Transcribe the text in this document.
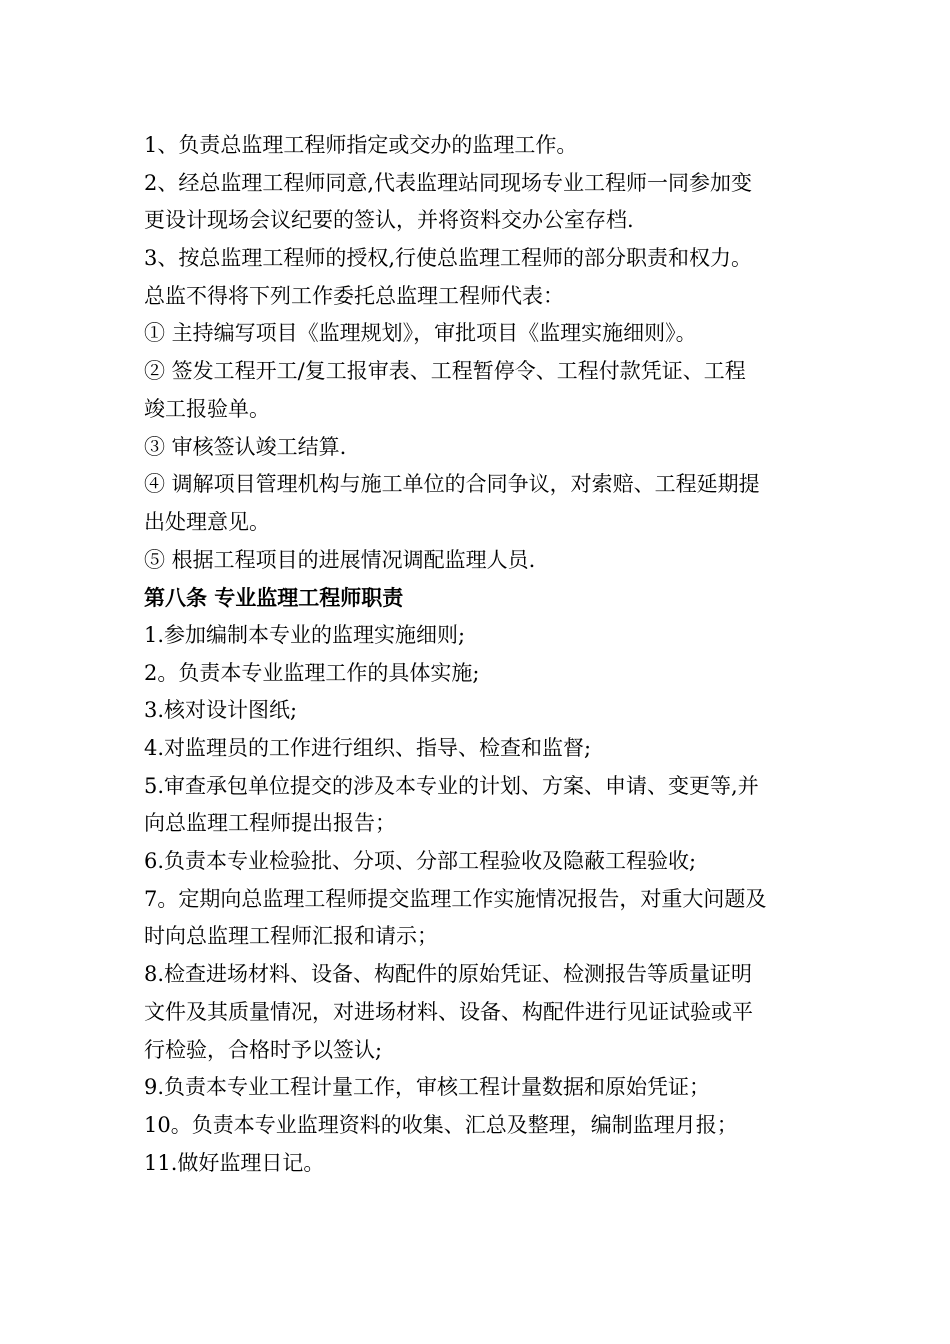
1、负责总监理工程师指定或交办的监理工作。
2、经总监理工程师同意,代表监理站同现场专业工程师一同参加变
更设计现场会议纪要的签认，并将资料交办公室存档.
3、按总监理工程师的授权,行使总监理工程师的部分职责和权力。
总监不得将下列工作委托总监理工程师代表：
① 主持编写项目《监理规划》，审批项目《监理实施细则》。
② 签发工程开工/复工报审表、工程暂停令、工程付款凭证、工程
竣工报验单。
③ 审核签认竣工结算.
④ 调解项目管理机构与施工单位的合同争议，对索赔、工程延期提
出处理意见。
⑤ 根据工程项目的进展情况调配监理人员.
第八条 专业监理工程师职责
1.参加编制本专业的监理实施细则;
2。负责本专业监理工作的具体实施;
3.核对设计图纸;
4.对监理员的工作进行组织、指导、检查和监督;
5.审查承包单位提交的涉及本专业的计划、方案、申请、变更等,并
向总监理工程师提出报告；
6.负责本专业检验批、分项、分部工程验收及隐蔽工程验收;
7。定期向总监理工程师提交监理工作实施情况报告，对重大问题及
时向总监理工程师汇报和请示；
8.检查进场材料、设备、构配件的原始凭证、检测报告等质量证明
文件及其质量情况，对进场材料、设备、构配件进行见证试验或平
行检验，合格时予以签认;
9.负责本专业工程计量工作，审核工程计量数据和原始凭证；
10。负责本专业监理资料的收集、汇总及整理，编制监理月报；
11.做好监理日记。
